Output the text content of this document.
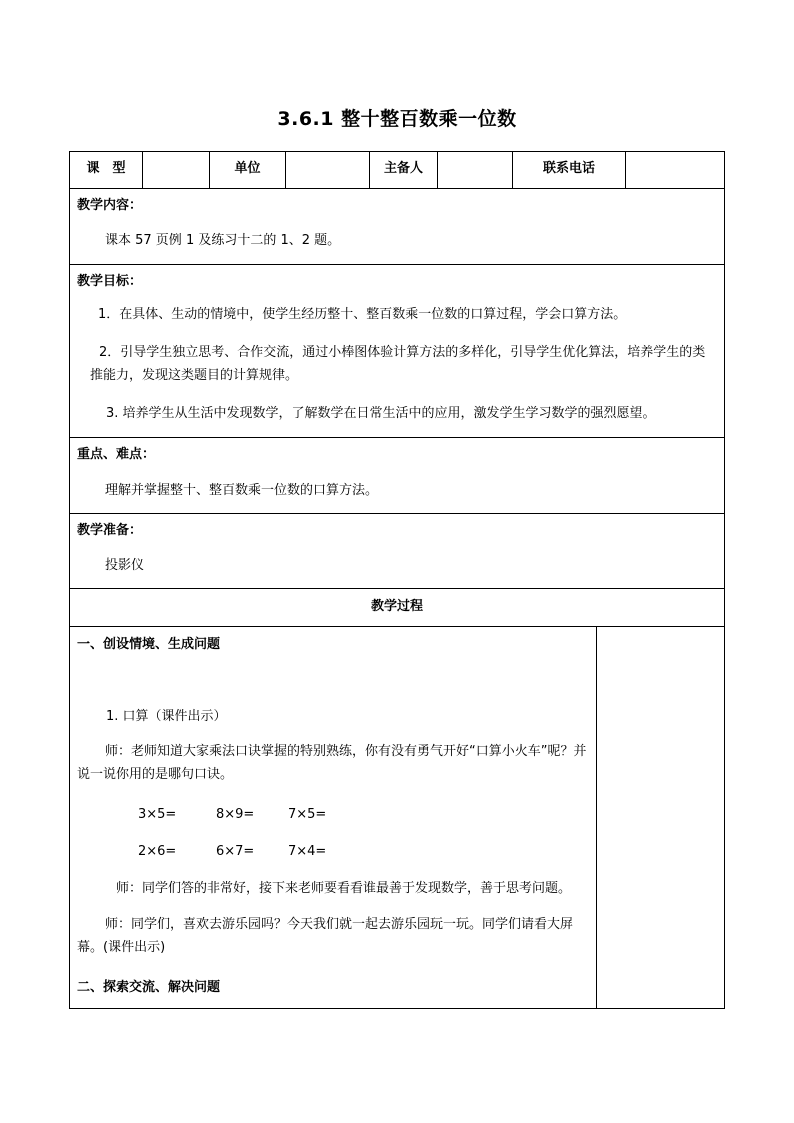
3.6.1 整十整百数乘一位数
课　型	单位	主备人	联系电话
教学内容：
课本 57 页例 1 及练习十二的 1、2 题。
教学目标：
1．在具体、生动的情境中，使学生经历整十、整百数乘一位数的口算过程，学会口算方法。
2．引导学生独立思考、合作交流，通过小棒图体验计算方法的多样化，引导学生优化算法，培养学生的类推能力，发现这类题目的计算规律。
3. 培养学生从生活中发现数学，了解数学在日常生活中的应用，激发学生学习数学的强烈愿望。
重点、难点：
理解并掌握整十、整百数乘一位数的口算方法。
教学准备：
投影仪
教学过程
一、创设情境、生成问题
1. 口算（课件出示）
师：老师知道大家乘法口诀掌握的特别熟练，你有没有勇气开好“口算小火车”呢？并说一说你用的是哪句口诀。
3×5=	8×9=	7×5=
2×6=	6×7=	7×4=
师：同学们答的非常好，接下来老师要看看谁最善于发现数学，善于思考问题。
师：同学们，喜欢去游乐园吗？今天我们就一起去游乐园玩一玩。同学们请看大屏幕。(课件出示)
二、探索交流、解决问题
